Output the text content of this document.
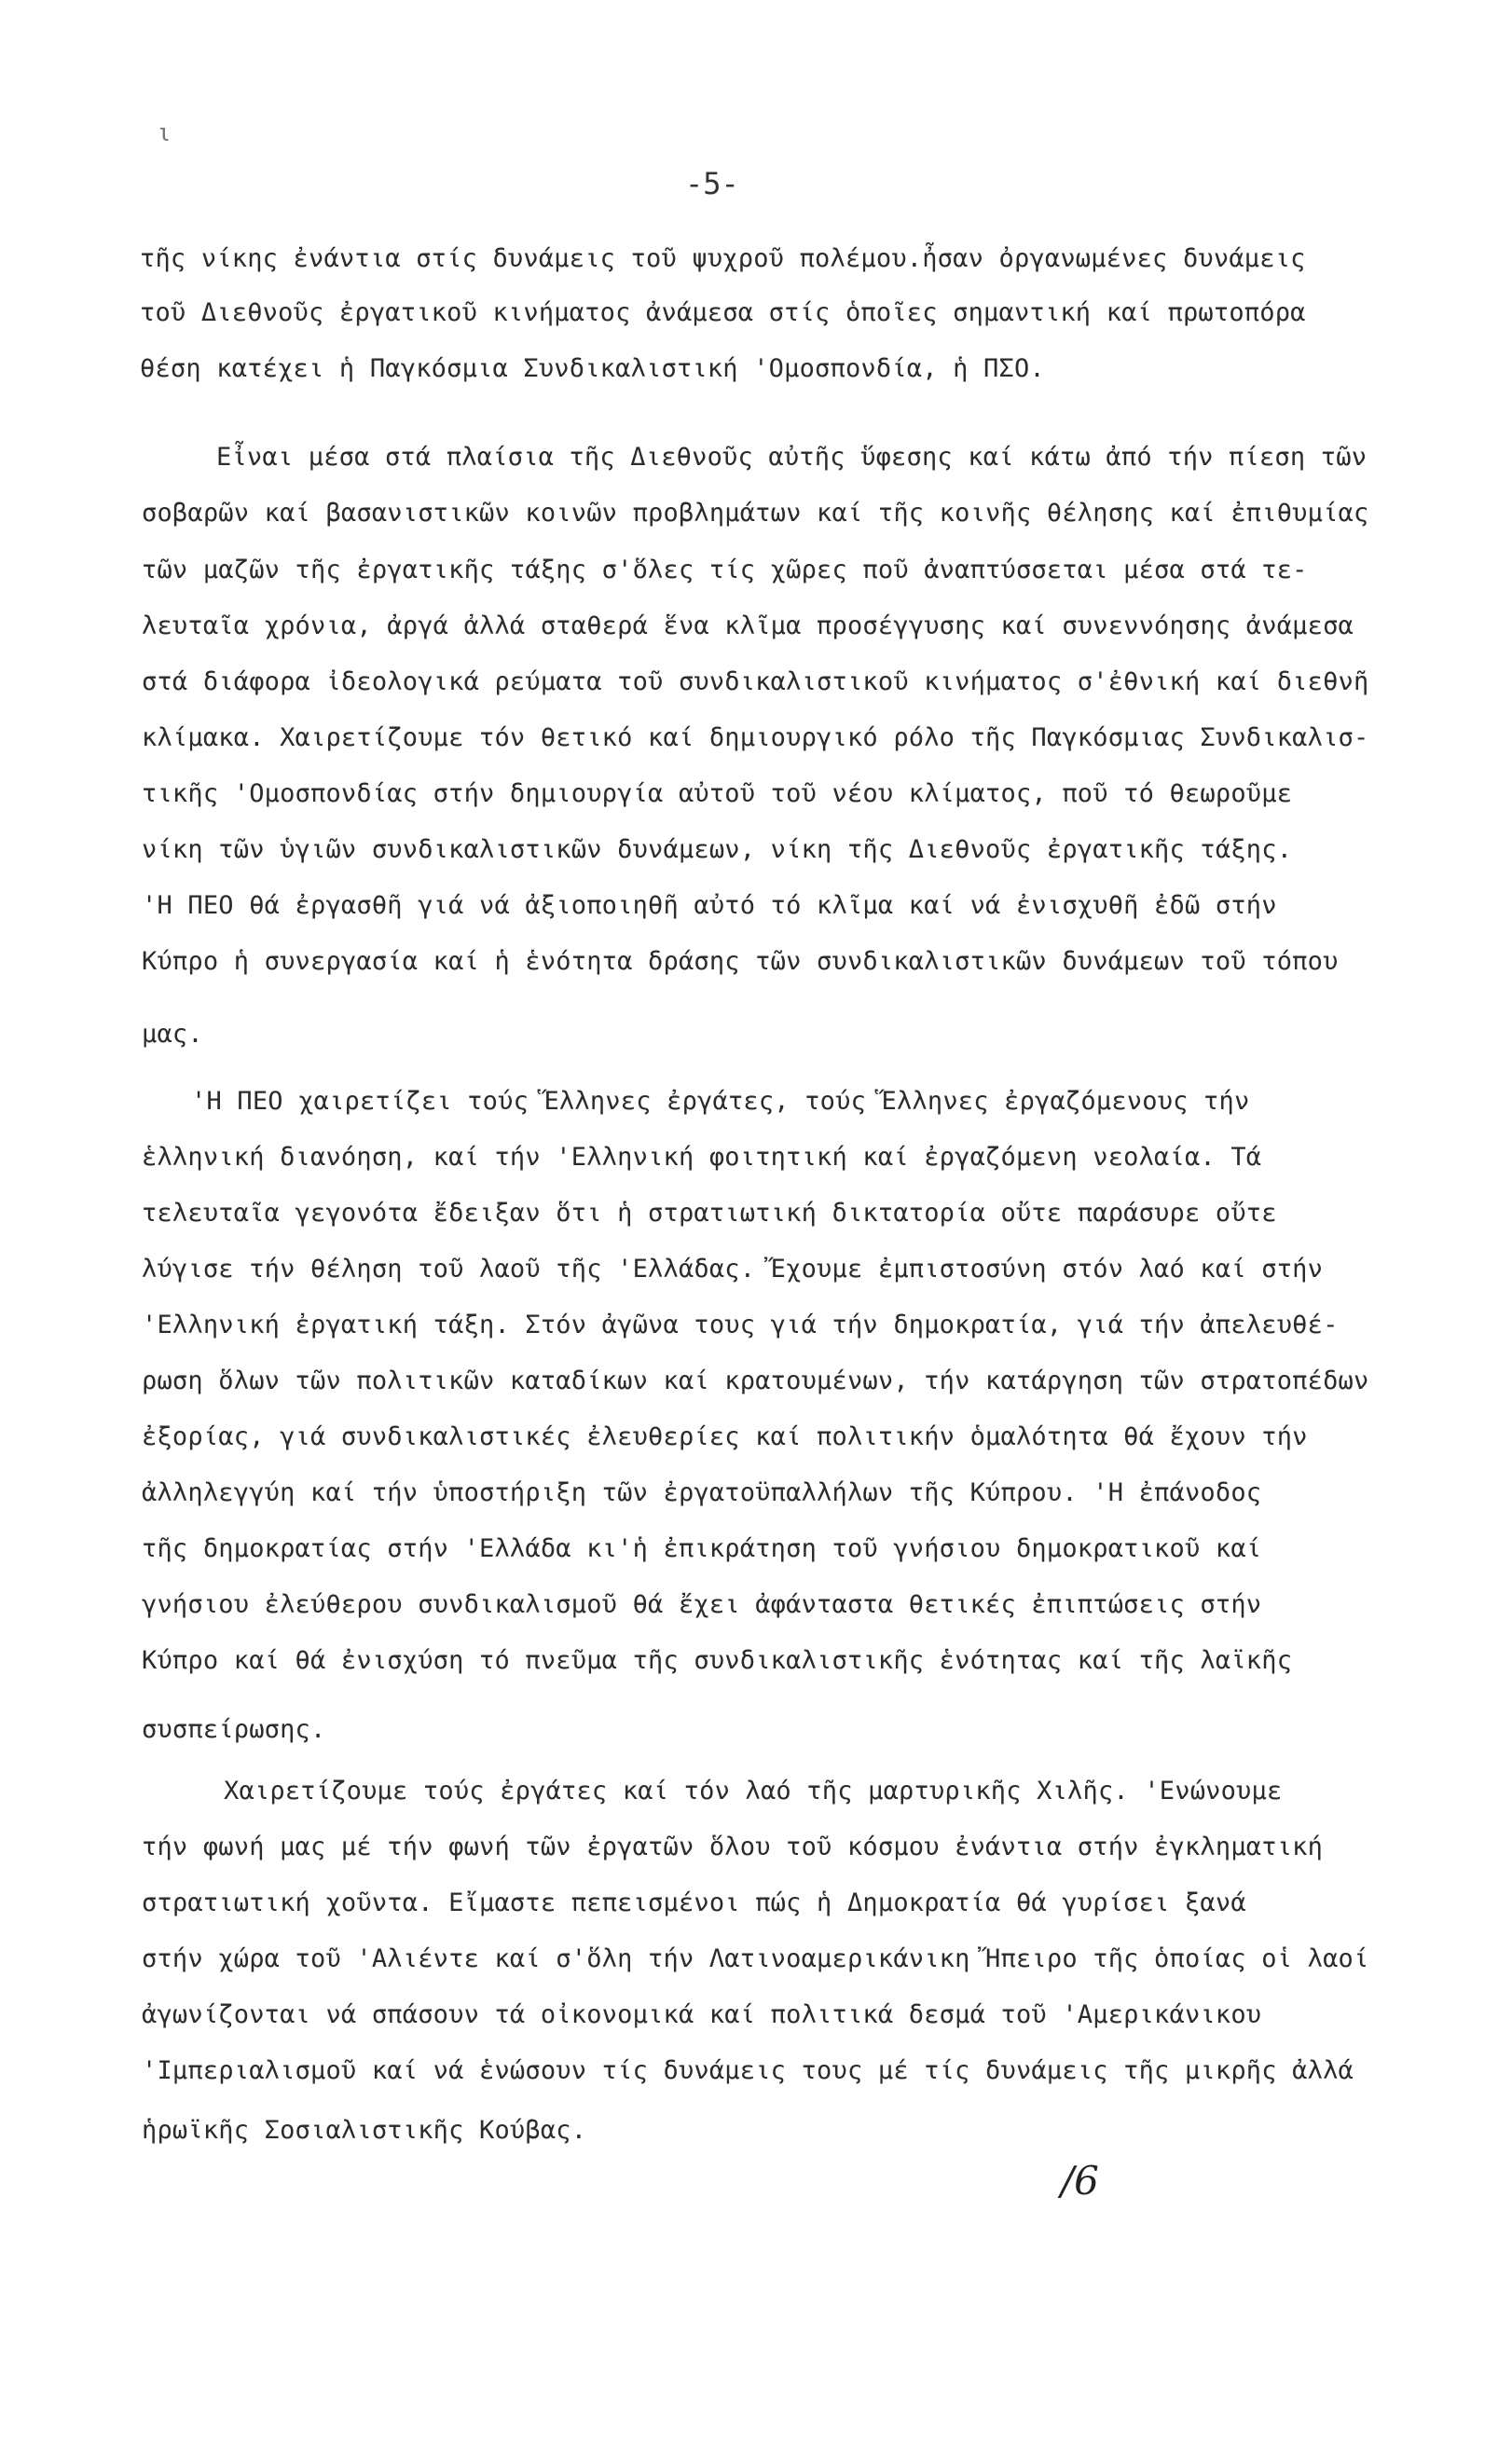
ι
-5-
τῆς νίκης ἐνάντια στίς δυνάμεις τοῦ ψυχροῦ πολέμου.ἦσαν ὀργανωμένες δυνάμεις
τοῦ Διεθνοῦς ἐργατικοῦ κινήματος ἀνάμεσα στίς ὁποῖες σημαντική καί πρωτοπόρα
θέση κατέχει ἡ Παγκόσμια Συνδικαλιστική 'Ομοσπονδία, ἡ ΠΣΟ.
Εἶναι μέσα στά πλαίσια τῆς Διεθνοῦς αὐτῆς ὕφεσης καί κάτω ἀπό τήν πίεση τῶν
σοβαρῶν καί βασανιστικῶν κοινῶν προβλημάτων καί τῆς κοινῆς θέλησης καί ἐπιθυμίας
τῶν μαζῶν τῆς ἐργατικῆς τάξης σ'ὅλες τίς χῶρες ποῦ ἀναπτύσσεται μέσα στά τε-
λευταῖα χρόνια, ἀργά ἀλλά σταθερά ἕνα κλῖμα προσέγγυσης καί συνεννόησης ἀνάμεσα
στά διάφορα ἰδεολογικά ρεύματα τοῦ συνδικαλιστικοῦ κινήματος σ'ἐθνική καί διεθνῆ
κλίμακα. Χαιρετίζουμε τόν θετικό καί δημιουργικό ρόλο τῆς Παγκόσμιας Συνδικαλισ-
τικῆς 'Ομοσπονδίας στήν δημιουργία αὐτοῦ τοῦ νέου κλίματος, ποῦ τό θεωροῦμε
νίκη τῶν ὑγιῶν συνδικαλιστικῶν δυνάμεων, νίκη τῆς Διεθνοῦς ἐργατικῆς τάξης.
'Η ΠΕΟ θά ἐργασθῆ γιά νά ἀξιοποιηθῆ αὐτό τό κλῖμα καί νά ἐνισχυθῆ ἐδῶ στήν
Κύπρο ἡ συνεργασία καί ἡ ἑνότητα δράσης τῶν συνδικαλιστικῶν δυνάμεων τοῦ τόπου
μας.
'Η ΠΕΟ χαιρετίζει τούς Ἕλληνες ἐργάτες, τούς Ἕλληνες ἐργαζόμενους τήν
ἑλληνική διανόηση, καί τήν 'Ελληνική φοιτητική καί ἐργαζόμενη νεολαία. Τά
τελευταῖα γεγονότα ἔδειξαν ὅτι ἡ στρατιωτική δικτατορία οὔτε παράσυρε οὔτε
λύγισε τήν θέληση τοῦ λαοῦ τῆς 'Ελλάδας. Ἔχουμε ἐμπιστοσύνη στόν λαό καί στήν
'Ελληνική ἐργατική τάξη. Στόν ἀγῶνα τους γιά τήν δημοκρατία, γιά τήν ἀπελευθέ-
ρωση ὅλων τῶν πολιτικῶν καταδίκων καί κρατουμένων, τήν κατάργηση τῶν στρατοπέδων
ἐξορίας, γιά συνδικαλιστικές ἐλευθερίες καί πολιτικήν ὁμαλότητα θά ἔχουν τήν
ἀλληλεγγύη καί τήν ὑποστήριξη τῶν ἐργατοϋπαλλήλων τῆς Κύπρου. 'Η ἐπάνοδος
τῆς δημοκρατίας στήν 'Ελλάδα κι'ἡ ἐπικράτηση τοῦ γνήσιου δημοκρατικοῦ καί
γνήσιου ἐλεύθερου συνδικαλισμοῦ θά ἔχει ἀφάνταστα θετικές ἐπιπτώσεις στήν
Κύπρο καί θά ἐνισχύση τό πνεῦμα τῆς συνδικαλιστικῆς ἑνότητας καί τῆς λαϊκῆς
συσπείρωσης.
Χαιρετίζουμε τούς ἐργάτες καί τόν λαό τῆς μαρτυρικῆς Χιλῆς. 'Ενώνουμε
τήν φωνή μας μέ τήν φωνή τῶν ἐργατῶν ὅλου τοῦ κόσμου ἐνάντια στήν ἐγκληματική
στρατιωτική χοῦντα. Εἴμαστε πεπεισμένοι πώς ἡ Δημοκρατία θά γυρίσει ξανά
στήν χώρα τοῦ 'Αλιέντε καί σ'ὅλη τήν Λατινοαμερικάνικη Ἤπειρο τῆς ὁποίας οἱ λαοί
ἀγωνίζονται νά σπάσουν τά οἰκονομικά καί πολιτικά δεσμά τοῦ 'Αμερικάνικου
'Ιμπεριαλισμοῦ καί νά ἑνώσουν τίς δυνάμεις τους μέ τίς δυνάμεις τῆς μικρῆς ἀλλά
ἡρωϊκῆς Σοσιαλιστικῆς Κούβας.
/6
